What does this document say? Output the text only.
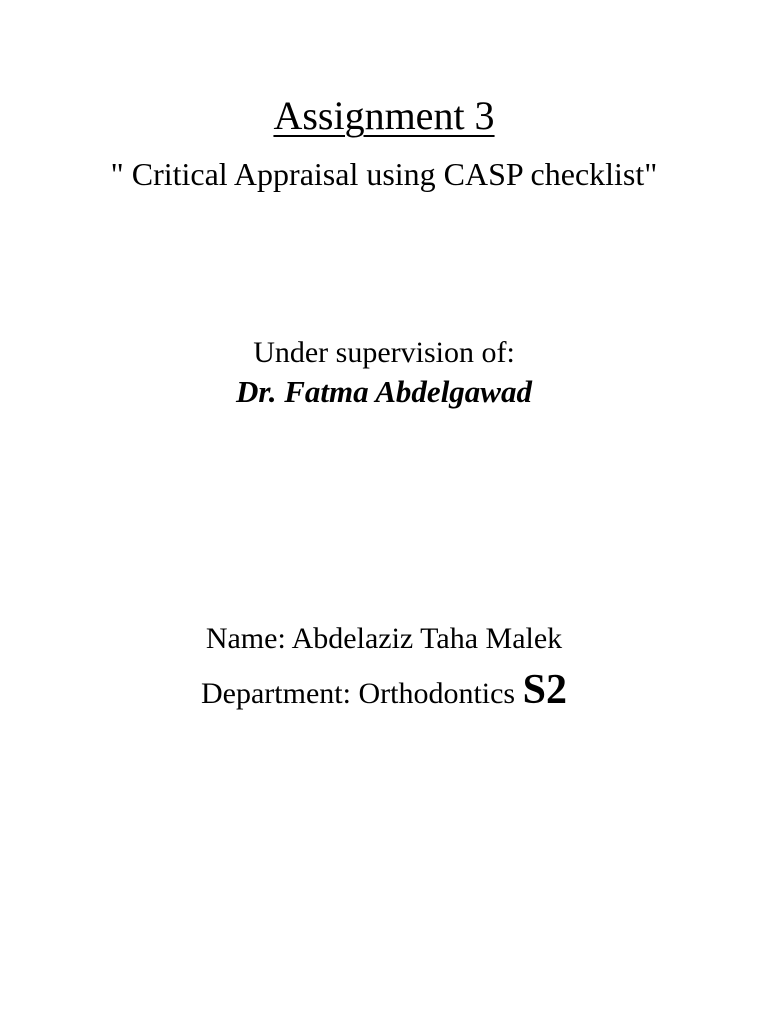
Assignment 3
" Critical Appraisal using CASP checklist"
Under supervision of:
Dr. Fatma Abdelgawad
Name: Abdelaziz Taha Malek
Department: Orthodontics S2
